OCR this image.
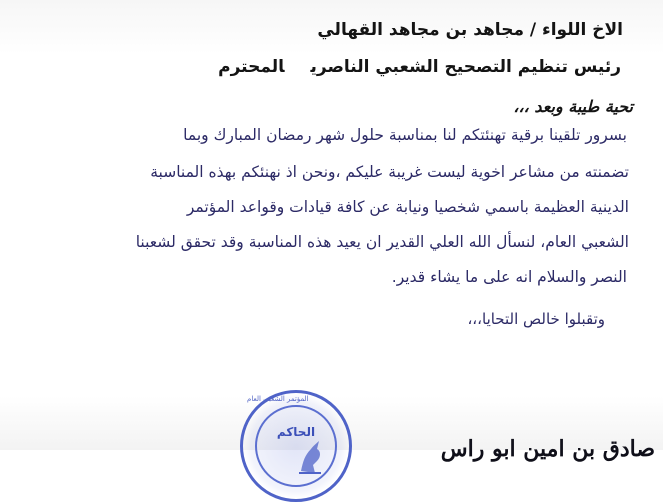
الاخ اللواء / مجاهد بن مجاهد القهالي
رئيس تنظيم التصحيح الشعبي الناصريالمحترم
تحية طيبة وبعد ،،،
بسرور تلقينا برقية تهنئتكم لنا بمناسبة حلول شهر رمضان المبارك وبما
تضمنته من مشاعر اخوية ليست غريبة عليكم ،ونحن اذ نهنئكم بهذه المناسبة
الدينية العظيمة باسمي شخصيا ونيابة عن كافة قيادات وقواعد المؤتمر
الشعبي العام، لنسأل الله العلي القدير ان يعيد هذه المناسبة وقد تحقق لشعبنا
النصر والسلام انه على ما يشاء قدير.
وتقبلوا خالص التحايا،،،
المؤتمر الشعبي العام
الحاكم
صادق بن امين ابو راس
